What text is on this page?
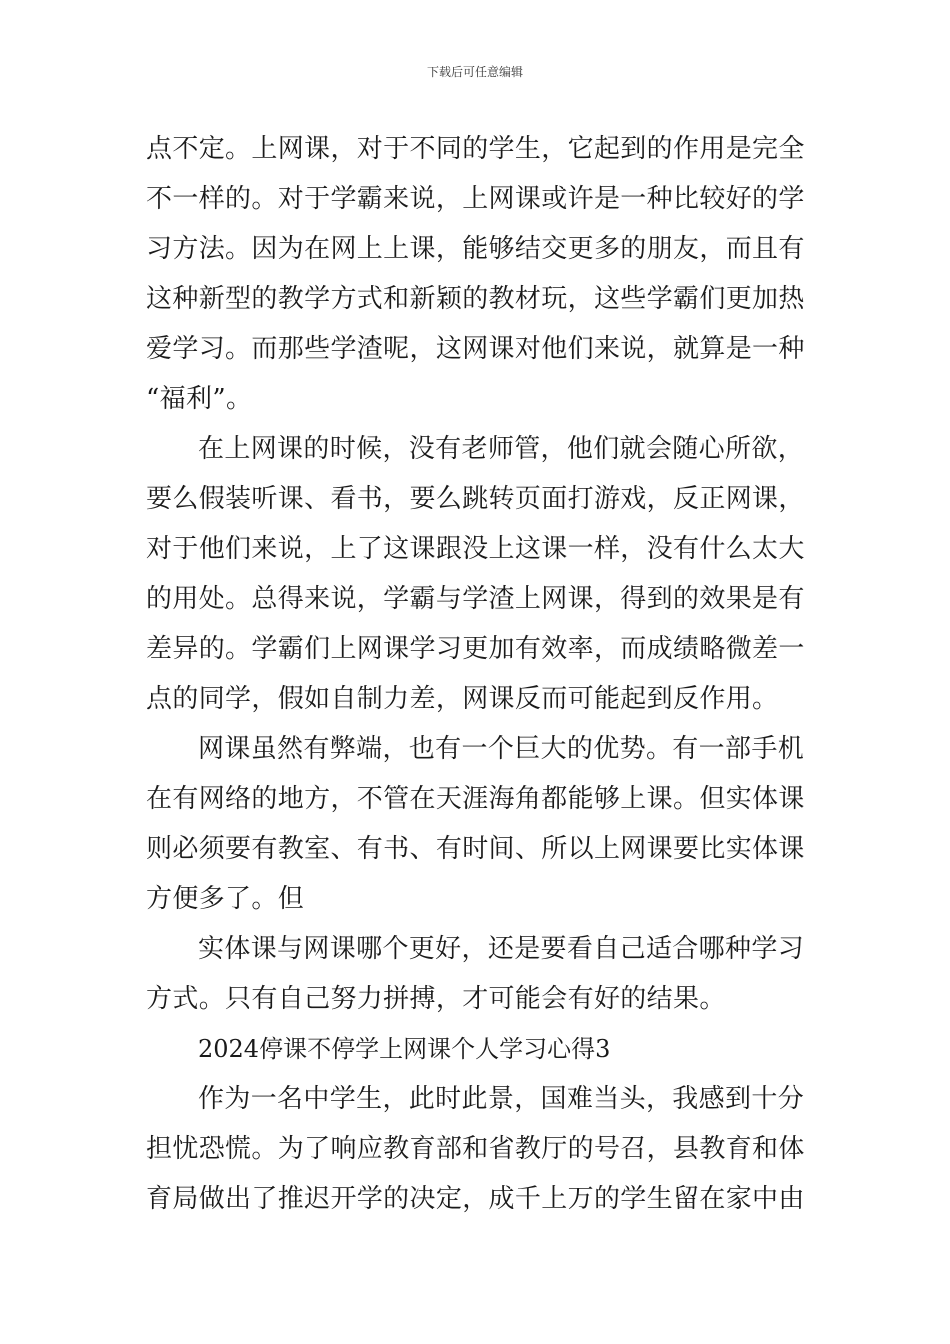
下载后可任意编辑
点不定。上网课，对于不同的学生，它起到的作用是完全
不一样的。对于学霸来说，上网课或许是一种比较好的学
习方法。因为在网上上课，能够结交更多的朋友，而且有
这种新型的教学方式和新颖的教材玩，这些学霸们更加热
爱学习。而那些学渣呢，这网课对他们来说，就算是一种
“福利”。
在上网课的时候，没有老师管，他们就会随心所欲，
要么假装听课、看书，要么跳转页面打游戏，反正网课，
对于他们来说，上了这课跟没上这课一样，没有什么太大
的用处。总得来说，学霸与学渣上网课，得到的效果是有
差异的。学霸们上网课学习更加有效率，而成绩略微差一
点的同学，假如自制力差，网课反而可能起到反作用。
网课虽然有弊端，也有一个巨大的优势。有一部手机
在有网络的地方，不管在天涯海角都能够上课。但实体课
则必须要有教室、有书、有时间、所以上网课要比实体课
方便多了。但
实体课与网课哪个更好，还是要看自己适合哪种学习
方式。只有自己努力拼搏，才可能会有好的结果。
2024停课不停学上网课个人学习心得3
作为一名中学生，此时此景，国难当头，我感到十分
担忧恐慌。为了响应教育部和省教厅的号召，县教育和体
育局做出了推迟开学的决定，成千上万的学生留在家中由
